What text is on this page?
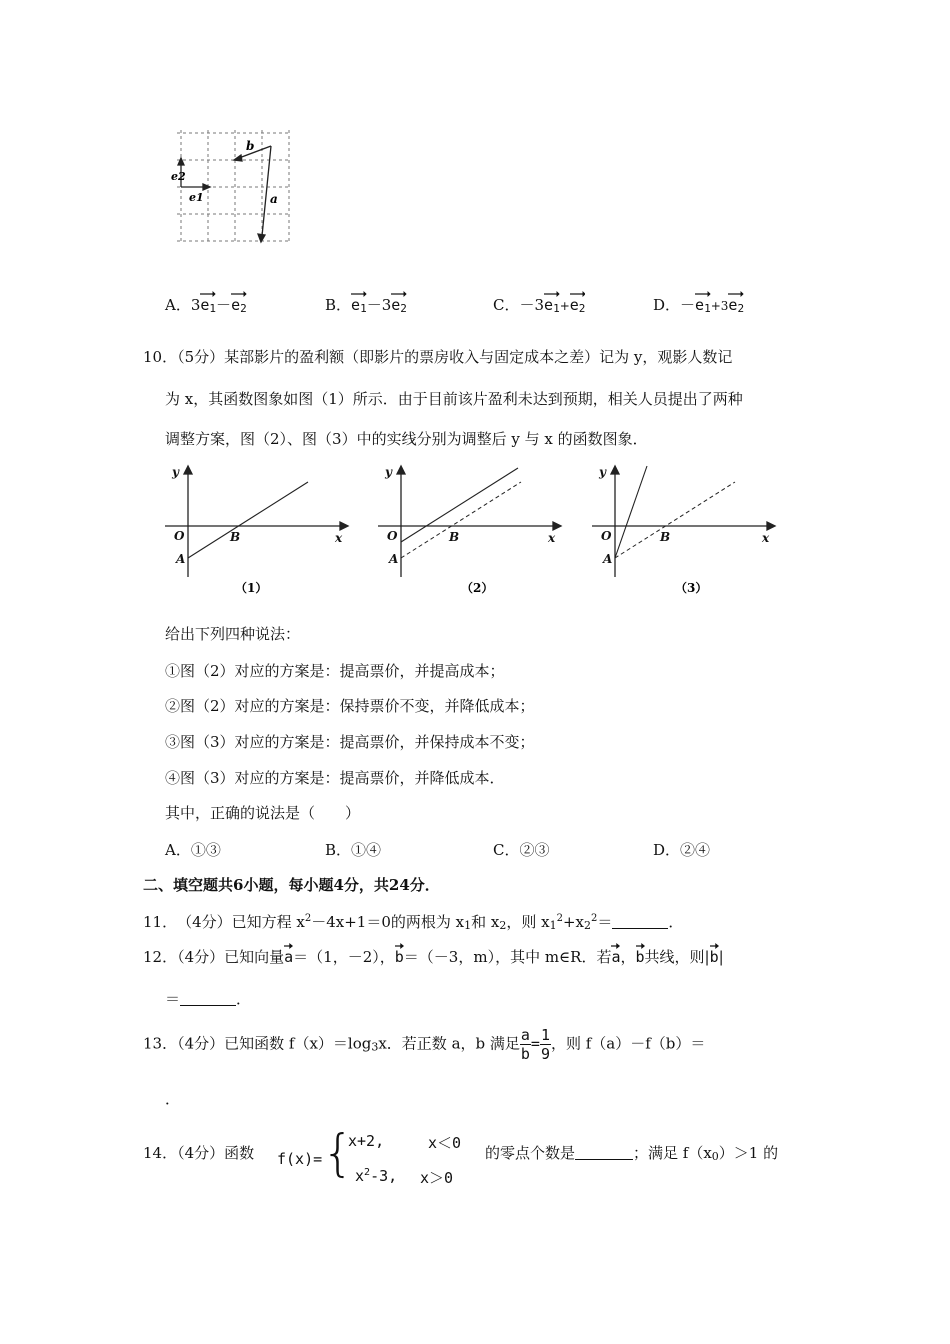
e2
e1
b
a
A．3
e1－
e2	B．
e1－3
e2	C．－3
e1+
e2	D．－
e1+3
e2
10．（5分）某部影片的盈利额（即影片的票房收入与固定成本之差）记为 y，观影人数记
为 x，其函数图象如图（1）所示．由于目前该片盈利未达到预期，相关人员提出了两种
调整方案，图（2）、图（3）中的实线分别为调整后 y 与 x 的函数图象．
y
x
O
A
B
（1）
y
x
O
A
B
（2）
y
x
O
A
B
（3）
给出下列四种说法：
①图（2）对应的方案是：提高票价，并提高成本；
②图（2）对应的方案是：保持票价不变，并降低成本；
③图（3）对应的方案是：提高票价，并保持成本不变；
④图（3）对应的方案是：提高票价，并降低成本．
其中，正确的说法是（　　）
A．①③	B．①④	C．②③	D．②④
二、填空题共6小题，每小题4分，共24分．
11．　（4分）已知方程 $x^2-4x+1=0$的两根为 x1和 x2，则 $x1^2+x2^2=$	．
12．（4分）已知向量
a＝（1，－2），
b＝（－3，m），其中 m∈R．若
a，
b共线，则|
b|
＝	．
13．（4分）已知函数 f（x）＝log3x．若正数 a，b 满足 $\frac{a}{b} = \frac{1}{9}$ ，则 f（a）－f（b）＝
．
14．（4分）函数 f(x)= {
x+2,	x＜0
$x^2-3$, x＞0
的零点个数是	；满足 f（x0）＞1 的
